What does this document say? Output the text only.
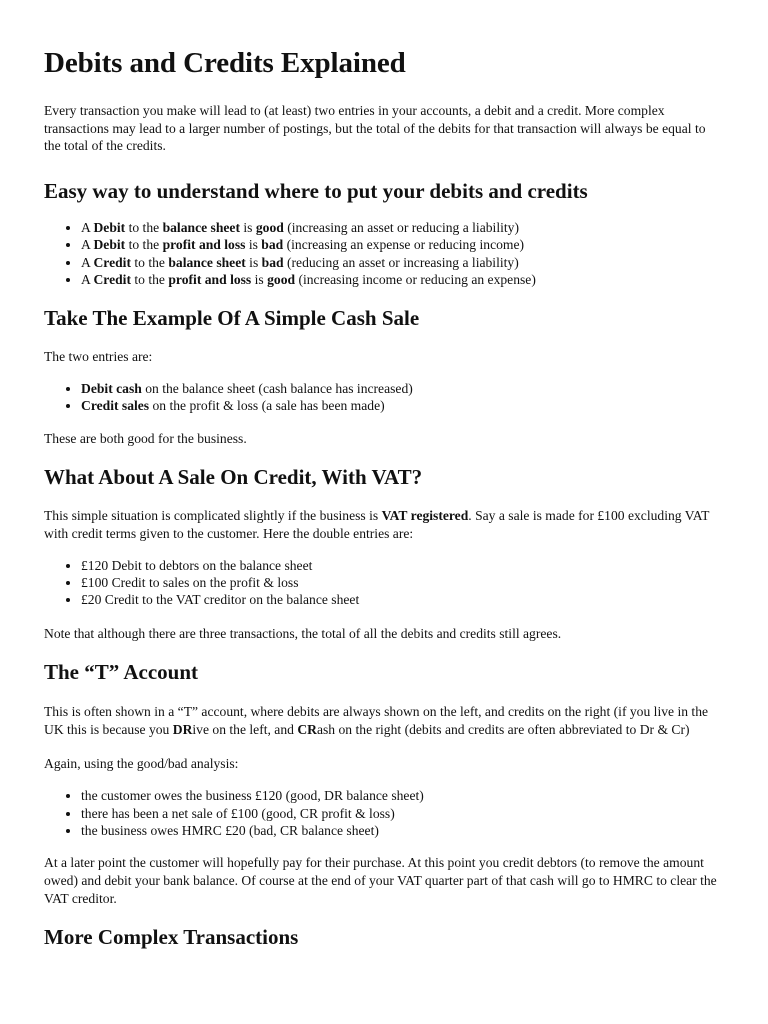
Debits and Credits Explained

Every transaction you make will lead to (at least) two entries in your accounts, a debit and a credit. More complex transactions may lead to a larger number of postings, but the total of the debits for that transaction will always be equal to the total of the credits.

Easy way to understand where to put your debits and credits
• A Debit to the balance sheet is good (increasing an asset or reducing a liability)
• A Debit to the profit and loss is bad (increasing an expense or reducing income)
• A Credit to the balance sheet is bad (reducing an asset or increasing a liability)
• A Credit to the profit and loss is good (increasing income or reducing an expense)
Take The Example Of A Simple Cash Sale

The two entries are:

• Debit cash on the balance sheet (cash balance has increased)
• Credit sales on the profit & loss (a sale has been made)

These are both good for the business.

What About A Sale On Credit, With VAT?

This simple situation is complicated slightly if the business is VAT registered. Say a sale is made for £100 excluding VAT with credit terms given to the customer. Here the double entries are:

• £120 Debit to debtors on the balance sheet
• £100 Credit to sales on the profit & loss
• £20 Credit to the VAT creditor on the balance sheet

Note that although there are three transactions, the total of all the debits and credits still agrees.

The “T” Account

This is often shown in a “T” account, where debits are always shown on the left, and credits on the right (if you live in the UK this is because you DRive on the left, and CRash on the right (debits and credits are often abbreviated to Dr & Cr)

Again, using the good/bad analysis:

• the customer owes the business £120 (good, DR balance sheet)
• there has been a net sale of £100 (good, CR profit & loss)
• the business owes HMRC £20 (bad, CR balance sheet)

At a later point the customer will hopefully pay for their purchase. At this point you credit debtors (to remove the amount owed) and debit your bank balance. Of course at the end of your VAT quarter part of that cash will go to HMRC to clear the VAT creditor.

More Complex Transactions
